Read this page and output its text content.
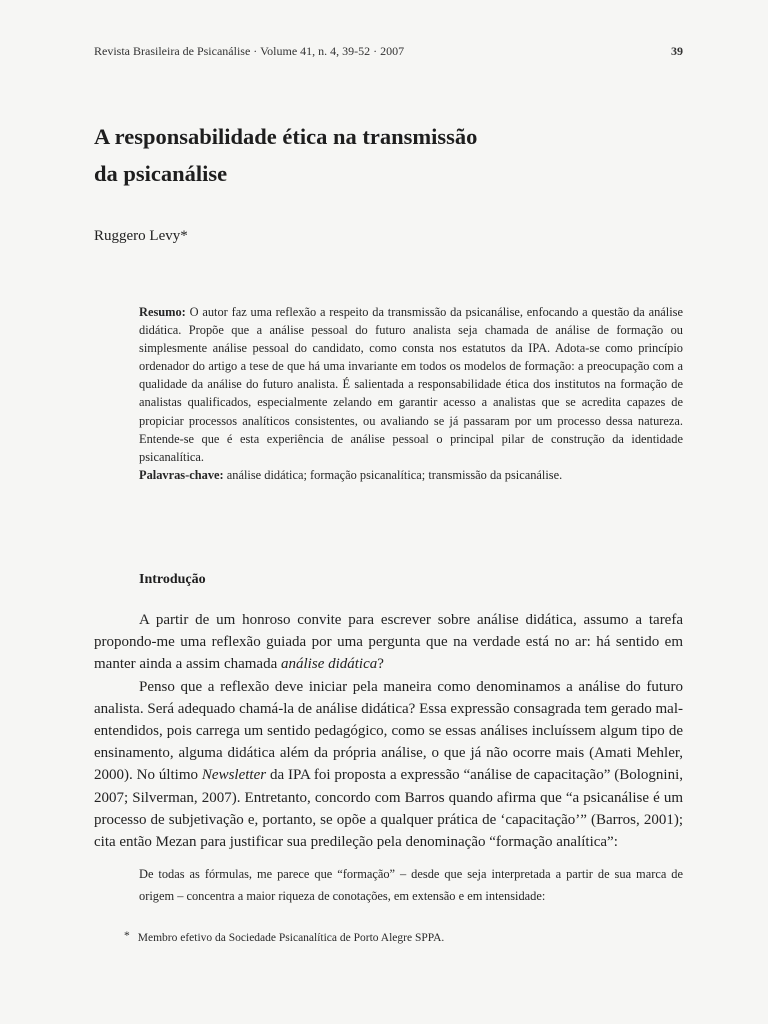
Revista Brasileira de Psicanálise · Volume 41, n. 4, 39-52 · 2007	39
A responsabilidade ética na transmissão
da psicanálise
Ruggero Levy*

Resumo: O autor faz uma reflexão a respeito da transmissão da psicanálise, enfocando a questão da análise didática. Propõe que a análise pessoal do futuro analista seja chamada de análise de formação ou simplesmente análise pessoal do candidato, como consta nos estatutos da IPA. Adota-se como princípio ordenador do artigo a tese de que há uma invariante em todos os modelos de formação: a preocupação com a qualidade da análise do futuro analista. É salientada a responsabilidade ética dos institutos na formação de analistas qualificados, especialmente zelando em garantir acesso a analistas que se acredita capazes de propiciar processos analíticos consistentes, ou avaliando se já passaram por um processo dessa natureza. Entende-se que é esta experiência de análise pessoal o principal pilar de construção da identidade psicanalítica.

Palavras-chave: análise didática; formação psicanalítica; transmissão da psicanálise.

Introdução

A partir de um honroso convite para escrever sobre análise didática, assumo a tarefa propondo-me uma reflexão guiada por uma pergunta que na verdade está no ar: há sentido em manter ainda a assim chamada análise didática?

Penso que a reflexão deve iniciar pela maneira como denominamos a análise do futuro analista. Será adequado chamá-la de análise didática? Essa expressão consagrada tem gerado mal-entendidos, pois carrega um sentido pedagógico, como se essas análises incluíssem algum tipo de ensinamento, alguma didática além da própria análise, o que já não ocorre mais (Amati Mehler, 2000). No último Newsletter da IPA foi proposta a expressão “análise de capacitação” (Bolognini, 2007; Silverman, 2007). Entretanto, concordo com Barros quando afirma que “a psicanálise é um processo de subjetivação e, portanto, se opõe a qualquer prática de ‘capacitação’” (Barros, 2001); cita então Mezan para justificar sua predileção pela denominação “formação analítica”:

De todas as fórmulas, me parece que “formação” – desde que seja interpretada a partir de sua marca de origem – concentra a maior riqueza de conotações, em extensão e em intensidade:

* Membro efetivo da Sociedade Psicanalítica de Porto Alegre SPPA.
